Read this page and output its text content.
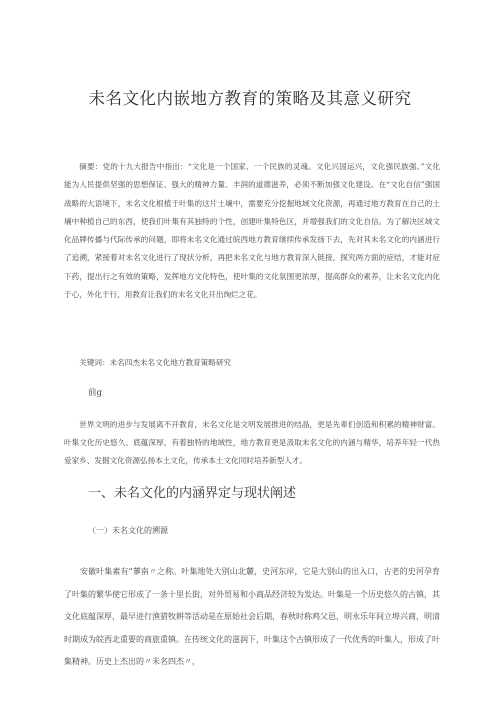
未名文化内嵌地方教育的策略及其意义研究

摘要：党的十九大报告中指出：“文化是一个国家、一个民族的灵魂。文化兴国运兴，文化强民族强。”文化能为人民提供坚强的思想保证、强大的精神力量、丰润的道德滋养，必须不断加强文化建设。在“文化自信”强国战略的大语境下，未名文化根植于叶集的这片土壤中，需要充分挖掘地域文化资源，再通过地方教育在自己的土壤中种植自己的东西，使我们叶集有其独特的个性，创建叶集特色区，并增强我们的文化自信。为了解决区域文化品牌传播与代际传承的问题，即将未名文化通过皖西地方教育继续传承发扬下去，先对其未名文化的内涵进行了追溯，紧接着对未名文化进行了现状分析，再把未名文化与地方教育深入链接，探究两方面的症结，才能对症下药，提出行之有效的策略，发挥地方文化特色，使叶集的文化氛围更浓厚，提高群众的素养，让未名文化内化于心，外化于行，用教育让我们的未名文化开出绚烂之花。

关键词：未名四杰未名文化地方教育策略研究

前g

世界文明的进步与发展离不开教育，未名文化是文明发展推进的结晶，更是先辈们创造和积累的精神财富。叶集文化历史悠久、底蕴深厚，有着独特的地域性，地方教育更是汲取未名文化的内涵与精华，培养年轻一代热爱家乡、发掘文化资源弘扬本土文化，传承本土文化同时培养新型人才。

一、未名文化的内涵界定与现状阐述
（一）未名文化的溯源

安徽叶集素有“蓼南〃之称。叶集地处大别山北麓，史河东岸，它是大别山的出入口，古老的史河孕育了叶集的繁华使它形成了一条十里长街，对外贸易和小商品经济较为发达。叶集是一个历史悠久的古镇，其文化底蕴深厚，最早进行渔猎牧耕等活动是在原始社会后期，春秋时称鸡父邑，明永乐年间立埠兴商，明清时期成为皖西北重要的商旅重镇。在传统文化的滋润下，叶集这个古镇形成了一代优秀的叶集人，形成了叶集精神。历史上杰出的〃未名四杰〃，
